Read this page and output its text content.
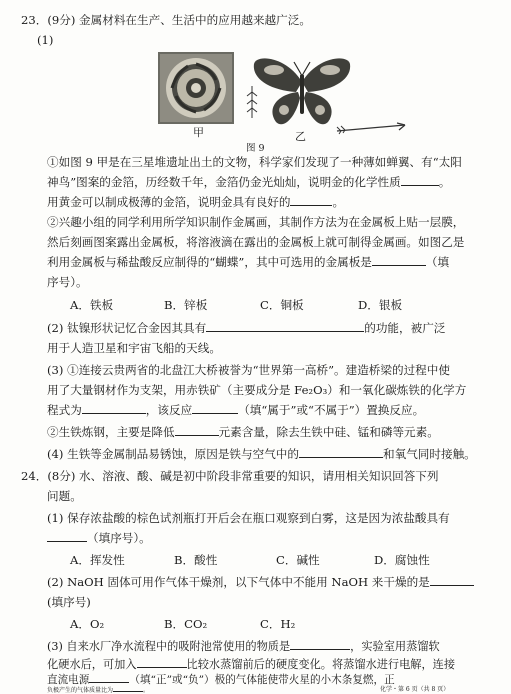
23．(9分) 金属材料在生产、生活中的应用越来越广泛。
(1)
甲	乙
图 9
①如图 9 甲是在三星堆遗址出土的文物，科学家们发现了一种薄如蝉翼、有“太阳
神鸟”图案的金箔，历经数千年，金箔仍金光灿灿，说明金的化学性质	。
用黄金可以制成极薄的金箔，说明金具有良好的	。
②兴趣小组的同学利用所学知识制作金属画，其制作方法为在金属板上贴一层膜，
然后刻画图案露出金属板，将溶液滴在露出的金属板上就可制得金属画。如图乙是
利用金属板与稀盐酸反应制得的“蝴蝶”，其中可选用的金属板是	（填
序号）。
A．铁板	B．锌板	C．铜板	D．银板
(2) 钛镍形状记忆合金因其具有	的功能，被广泛
用于人造卫星和宇宙飞船的天线。
(3) ①连接云贵两省的北盘江大桥被誉为“世界第一高桥”。建造桥梁的过程中使
用了大量钢材作为支架，用赤铁矿（主要成分是 Fe₂O₃）和一氧化碳炼铁的化学方
程式为	，该反应	（填“属于”或“不属于”）置换反应。
②生铁炼钢，主要是降低	元素含量，除去生铁中硅、锰和磷等元素。
(4) 生铁等金属制品易锈蚀，原因是铁与空气中的	和氧气同时接触。
24．(8分) 水、溶液、酸、碱是初中阶段非常重要的知识，请用相关知识回答下列
问题。
(1) 保存浓盐酸的棕色试剂瓶打开后会在瓶口观察到白雾，这是因为浓盐酸具有
（填序号）。
A．挥发性	B．酸性	C．碱性	D．腐蚀性
(2) NaOH 固体可用作气体干燥剂，以下气体中不能用 NaOH 来干燥的是
(填序号)
A．O₂	B．CO₂	C．H₂
(3) 自来水厂净水流程中的吸附池常使用的物质是	，实验室用蒸馏软
化硬水后，可加入	比较水蒸馏前后的硬度变化。将蒸馏水进行电解，连接
直流电源	（填“正”或“负”）极的气体能使带火星的小木条复燃，正
负极产生的气体质量比为	。	化学・第 6 页（共 8 页）
